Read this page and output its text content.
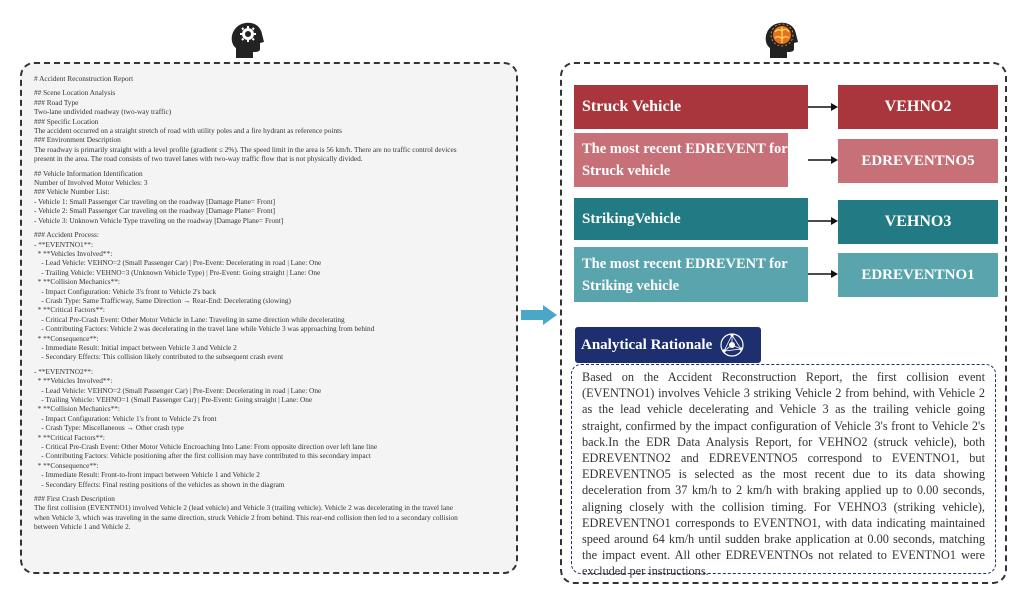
# Accident Reconstruction Report
## Scene Location Analysis
### Road Type
Two-lane undivided roadway (two-way traffic)
### Specific Location
The accident occurred on a straight stretch of road with utility poles and a fire hydrant as reference points
### Environment Description
The roadway is primarily straight with a level profile (gradient ≤ 2%). The speed limit in the area is 56 km/h. There are no traffic control devices
present in the area. The road consists of two travel lanes with two-way traffic flow that is not physically divided.
## Vehicle Information Identification
Number of Involved Motor Vehicles: 3
### Vehicle Number List:
- Vehicle 1: Small Passenger Car traveling on the roadway [Damage Plane= Front]
- Vehicle 2: Small Passenger Car traveling on the roadway [Damage Plane= Front]
- Vehicle 3: Unknown Vehicle Type traveling on the roadway [Damage Plane= Front]
### Accident Process:
- **EVENTNO1**:
* **Vehicles Involved**:
- Lead Vehicle: VEHNO=2 (Small Passenger Car) | Pre-Event: Decelerating in road | Lane: One
- Trailing Vehicle: VEHNO=3 (Unknown Vehicle Type) | Pre-Event: Going straight | Lane: One
* **Collision Mechanics**:
- Impact Configuration: Vehicle 3's front to Vehicle 2's back
- Crash Type: Same Trafficway, Same Direction → Rear-End: Decelerating (slowing)
* **Critical Factors**:
- Critical Pre-Crash Event: Other Motor Vehicle in Lane: Traveling in same direction while decelerating
- Contributing Factors: Vehicle 2 was decelerating in the travel lane while Vehicle 3 was approaching from behind
* **Consequence**:
- Immediate Result: Initial impact between Vehicle 3 and Vehicle 2
- Secondary Effects: This collision likely contributed to the subsequent crash event
- **EVENTNO2**:
* **Vehicles Involved**:
- Lead Vehicle: VEHNO=2 (Small Passenger Car) | Pre-Event: Decelerating in road | Lane: One
- Trailing Vehicle: VEHNO=1 (Small Passenger Car) | Pre-Event: Going straight | Lane: One
* **Collision Mechanics**:
- Impact Configuration: Vehicle 1's front to Vehicle 2's front
- Crash Type: Miscellaneous → Other crash type
* **Critical Factors**:
- Critical Pre-Crash Event: Other Motor Vehicle Encroaching Into Lane: From opposite direction over left lane line
- Contributing Factors: Vehicle positioning after the first collision may have contributed to this secondary impact
* **Consequence**:
- Immediate Result: Front-to-front impact between Vehicle 1 and Vehicle 2
- Secondary Effects: Final resting positions of the vehicles as shown in the diagram
### First Crash Description
The first collision (EVENTNO1) involved Vehicle 2 (lead vehicle) and Vehicle 3 (trailing vehicle). Vehicle 2 was decelerating in the travel lane
when Vehicle 3, which was traveling in the same direction, struck Vehicle 2 from behind. This rear-end collision then led to a secondary collision
between Vehicle 1 and Vehicle 2.
Struck Vehicle	VEHNO2
The most recent EDREVENT for Struck vehicle
EDREVENTNO5
StrikingVehicle	VEHNO3
The most recent EDREVENT for Striking vehicle
EDREVENTNO1
Analytical Rationale
Based on the Accident Reconstruction Report, the first collision event (EVENTNO1) involves Vehicle 3 striking Vehicle 2 from behind, with Vehicle 2 as the lead vehicle decelerating and Vehicle 3 as the trailing vehicle going straight, confirmed by the impact configuration of Vehicle 3's front to Vehicle 2's back.In the EDR Data Analysis Report, for VEHNO2 (struck vehicle), both EDREVENTNO2 and EDREVENTNO5 correspond to EVENTNO1, but EDREVENTNO5 is selected as the most recent due to its data showing deceleration from 37 km/h to 2 km/h with braking applied up to 0.00 seconds, aligning closely with the collision timing. For VEHNO3 (striking vehicle), EDREVENTNO1 corresponds to EVENTNO1, with data indicating maintained speed around 64 km/h until sudden brake application at 0.00 seconds, matching the impact event. All other EDREVENTNOs not related to EVENTNO1 were excluded per instructions.
